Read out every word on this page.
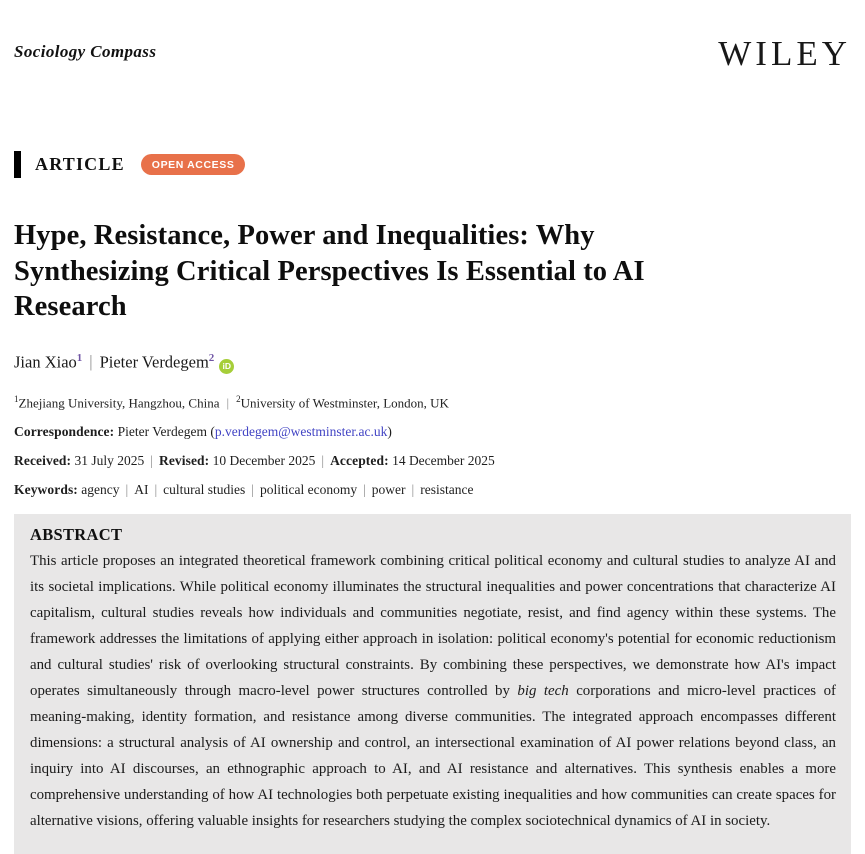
Sociology Compass	WILEY
ARTICLE	OPEN ACCESS
Hype, Resistance, Power and Inequalities: Why Synthesizing Critical Perspectives Is Essential to AI Research
Jian Xiao$^1$ | Pieter Verdegem$^2$iD
$^1$Zhejiang University, Hangzhou, China | $^2$University of Westminster, London, UK
Correspondence: Pieter Verdegem (p.verdegem@westminster.ac.uk)
Received: 31 July 2025 | Revised: 10 December 2025 | Accepted: 14 December 2025
Keywords: agency | AI | cultural studies | political economy | power | resistance
ABSTRACT
This article proposes an integrated theoretical framework combining critical political economy and cultural studies to analyze AI and its societal implications. While political economy illuminates the structural inequalities and power concentrations that characterize AI capitalism, cultural studies reveals how individuals and communities negotiate, resist, and find agency within these systems. The framework addresses the limitations of applying either approach in isolation: political economy's potential for economic reductionism and cultural studies' risk of overlooking structural constraints. By combining these perspectives, we demonstrate how AI's impact operates simultaneously through macro-level power structures controlled by big tech corporations and micro-level practices of meaning-making, identity formation, and resistance among diverse communities. The integrated approach encompasses different dimensions: a structural analysis of AI ownership and control, an intersectional examination of AI power relations beyond class, an inquiry into AI discourses, an ethnographic approach to AI, and AI resistance and alternatives. This synthesis enables a more comprehensive understanding of how AI technologies both perpetuate existing inequalities and how communities can create spaces for alternative visions, offering valuable insights for researchers studying the complex sociotechnical dynamics of AI in society.
